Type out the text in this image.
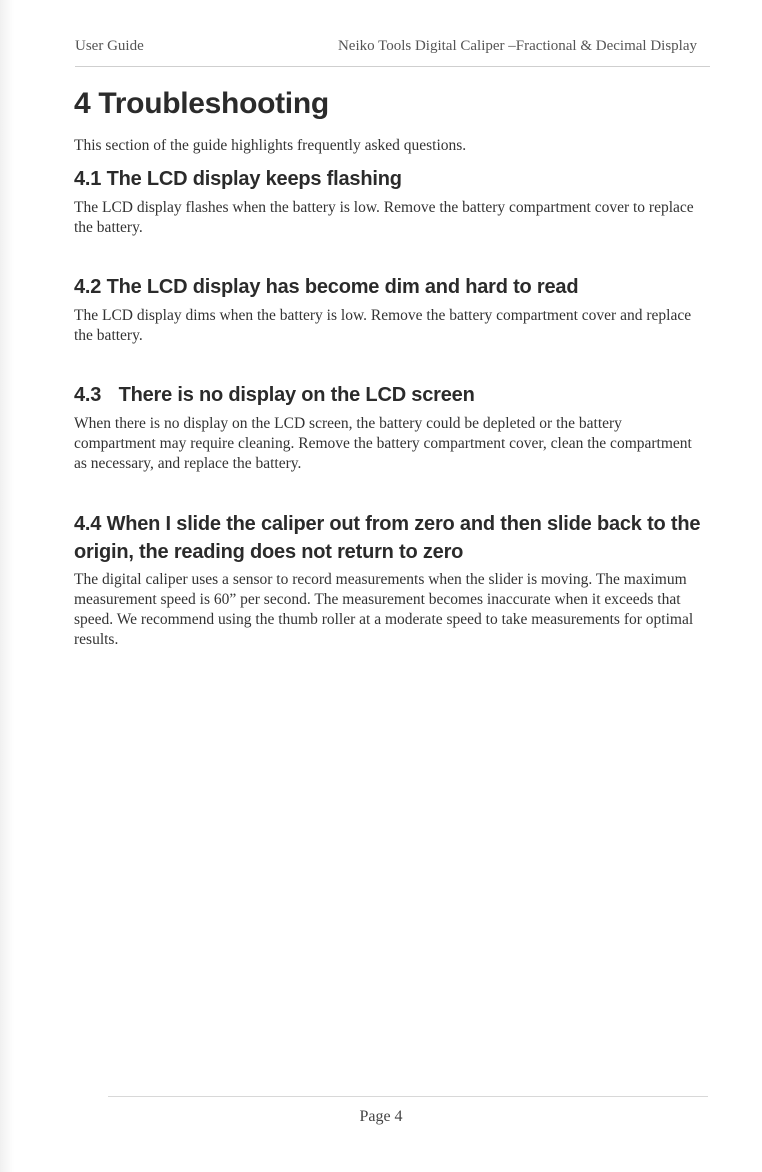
User Guide	Neiko Tools Digital Caliper –Fractional & Decimal Display
4 Troubleshooting

This section of the guide highlights frequently asked questions.

4.1 The LCD display keeps flashing

The LCD display flashes when the battery is low. Remove the battery compartment cover to replace the battery.

4.2 The LCD display has become dim and hard to read

The LCD display dims when the battery is low. Remove the battery compartment cover and replace the battery.

4.3 There is no display on the LCD screen

When there is no display on the LCD screen, the battery could be depleted or the battery compartment may require cleaning. Remove the battery compartment cover, clean the compartment as necessary, and replace the battery.

4.4 When I slide the caliper out from zero and then slide back to the origin, the reading does not return to zero

The digital caliper uses a sensor to record measurements when the slider is moving. The maximum measurement speed is 60” per second. The measurement becomes inaccurate when it exceeds that speed. We recommend using the thumb roller at a moderate speed to take measurements for optimal results.

Page 4
